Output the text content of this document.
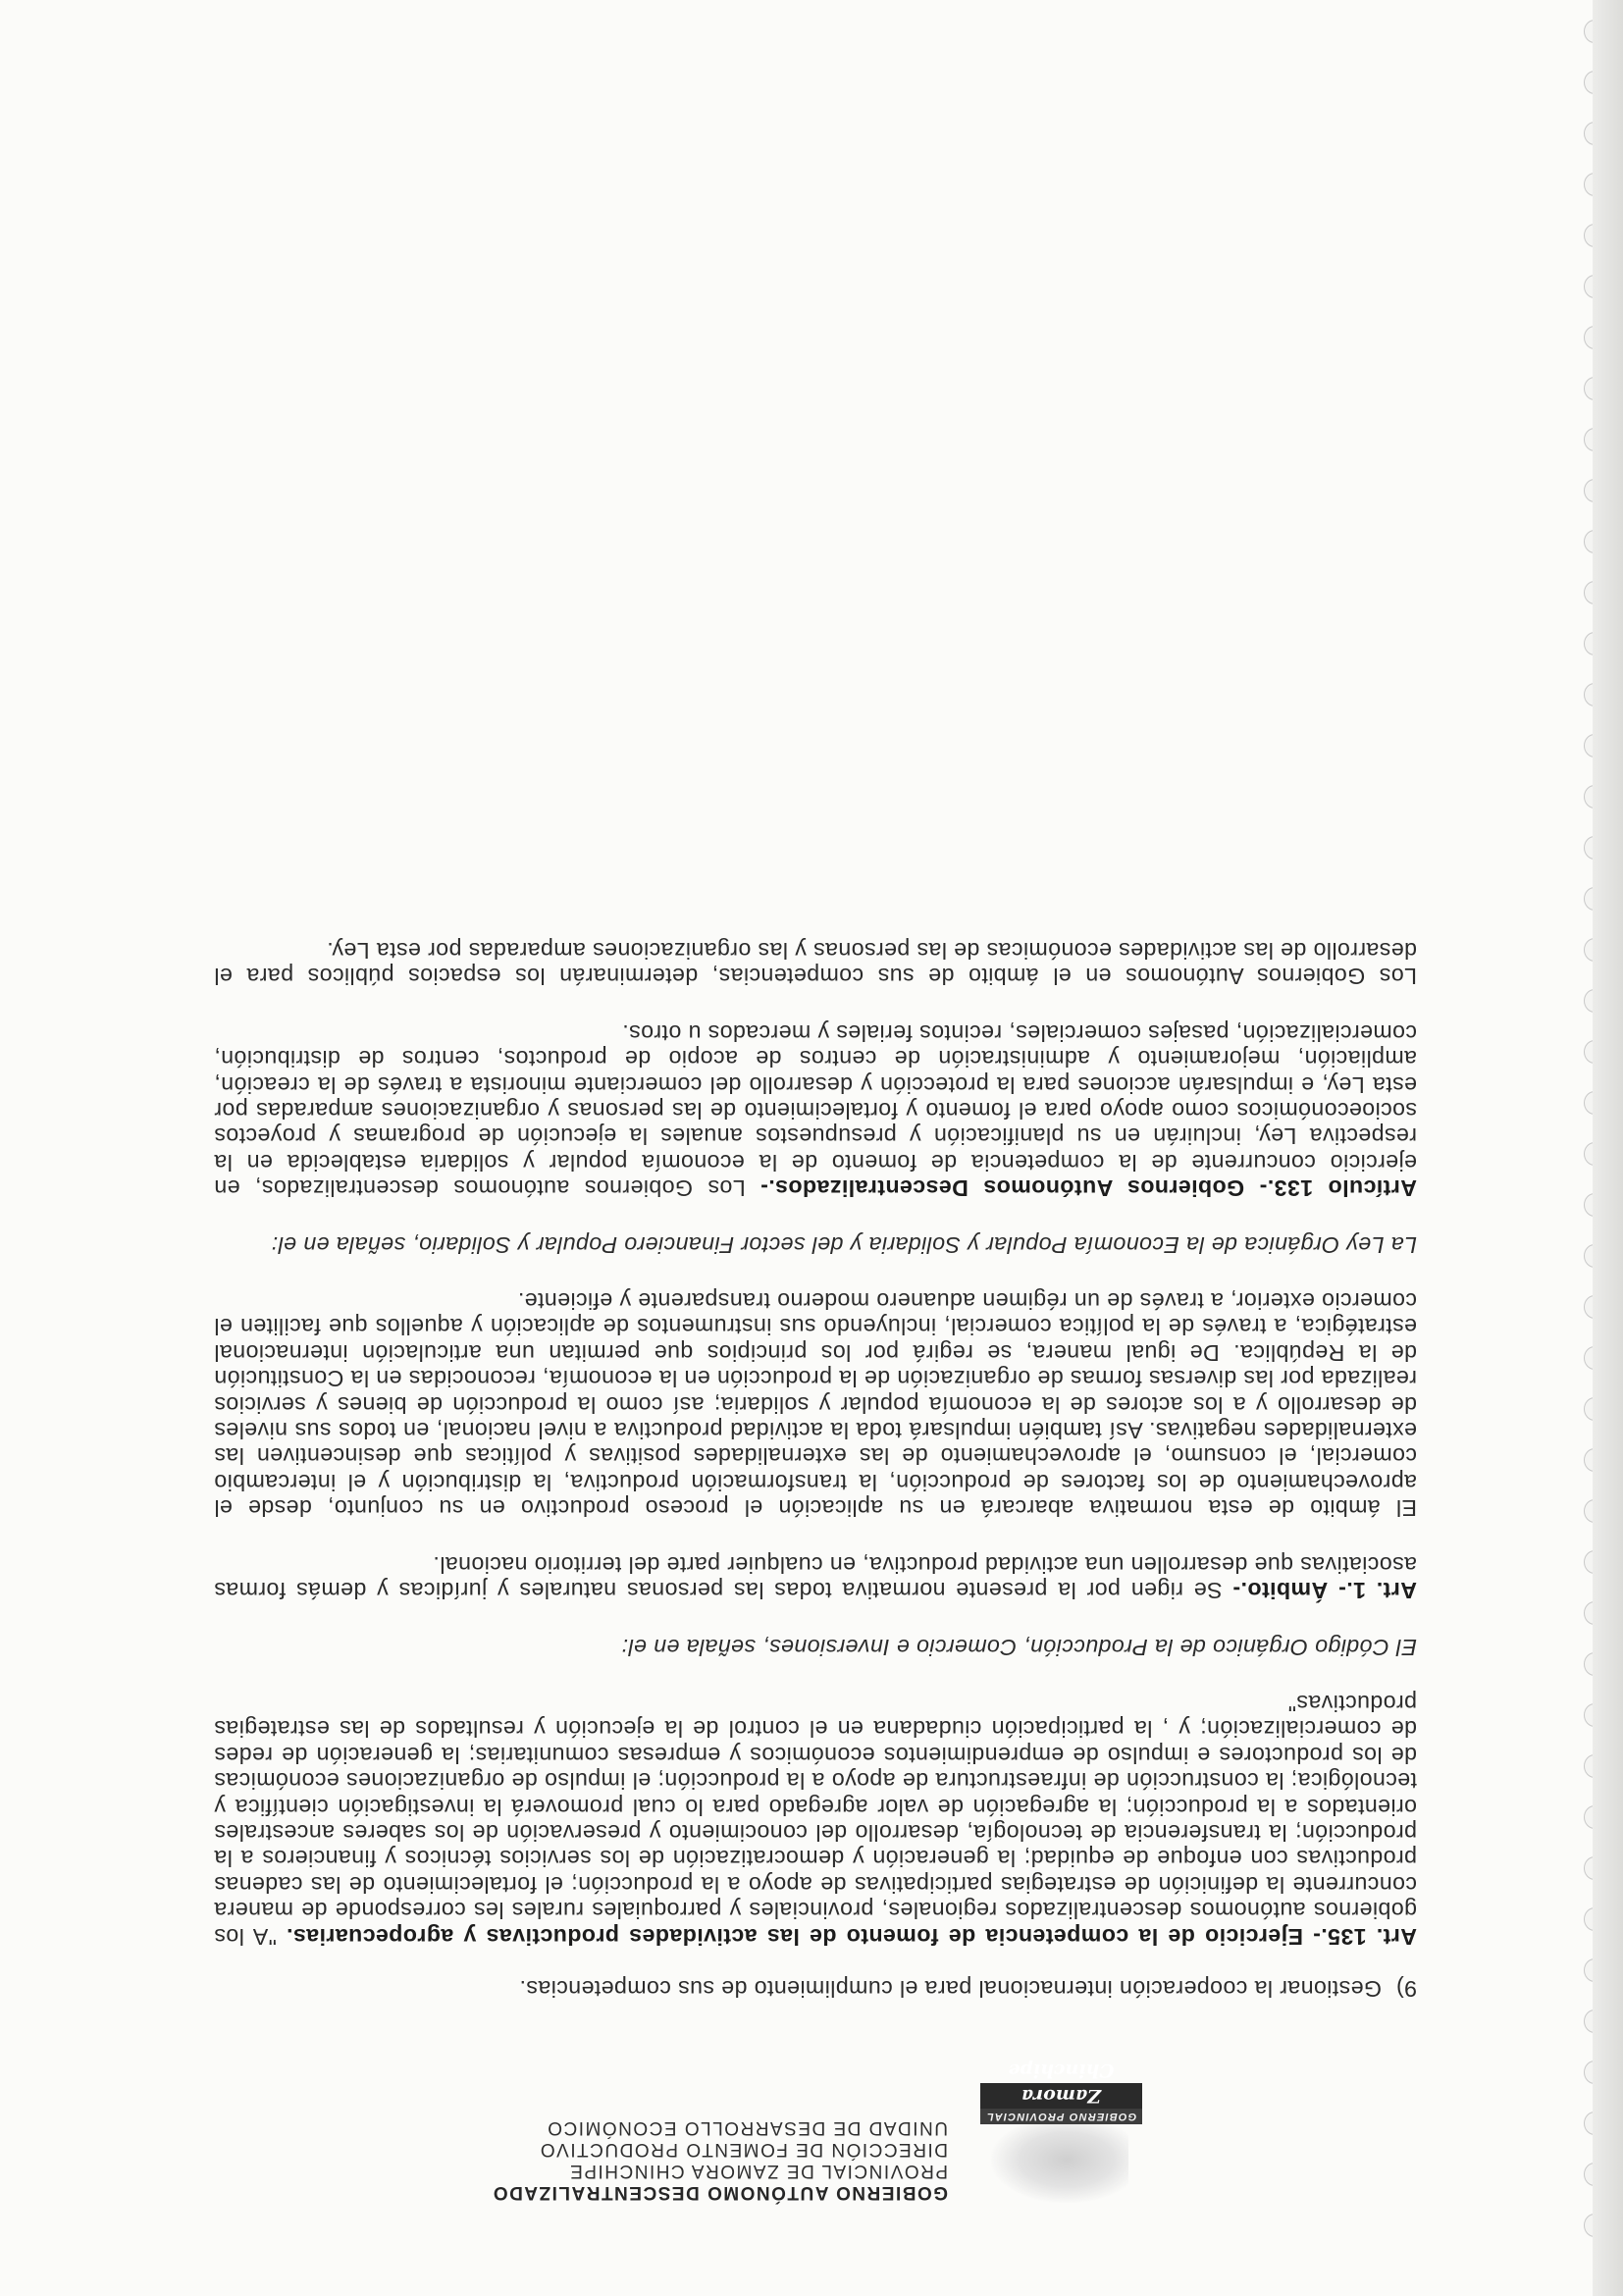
GOBIERNO PROVINCIAL
Zamora Chinchipe
GOBIERNO AUTÓNOMO DESCENTRALIZADO
PROVINCIAL DE ZAMORA CHINCHIPE
DIRECCIÓN DE FOMENTO PRODUCTIVO
UNIDAD DE DESARROLLO ECONÓMICO

9)Gestionar la cooperación internacional para el cumplimiento de sus competencias.

Art. 135.- Ejercicio de la competencia de fomento de las actividades productivas y agropecuarias. "A los gobiernos autónomos descentralizados regionales, provinciales y parroquiales rurales les corresponde de manera concurrente la definición de estrategias participativas de apoyo a la producción; el fortalecimiento de las cadenas productivas con enfoque de equidad; la generación y democratización de los servicios técnicos y financieros a la producción; la transferencia de tecnología, desarrollo del conocimiento y preservación de los saberes ancestrales orientados a la producción; la agregación de valor agregado para lo cual promoverá la investigación científica y tecnológica; la construcción de infraestructura de apoyo a la producción; el impulso de organizaciones económicas de los productores e impulso de emprendimientos económicos y empresas comunitarias; la generación de redes de comercialización; y , la participación ciudadana en el control de la ejecución y resultados de las estrategias productivas"

El Código Orgánico de la Producción, Comercio e Inversiones, señala en el:

Art. 1.- Ámbito.- Se rigen por la presente normativa todas las personas naturales y jurídicas y demás formas asociativas que desarrollen una actividad productiva, en cualquier parte del territorio nacional.

El ámbito de esta normativa abarcará en su aplicación el proceso productivo en su conjunto, desde el aprovechamiento de los factores de producción, la transformación productiva, la distribución y el intercambio comercial, el consumo, el aprovechamiento de las externalidades positivas y políticas que desincentiven las externalidades negativas. Así también impulsará toda la actividad productiva a nivel nacional, en todos sus niveles de desarrollo y a los actores de la economía popular y solidaria; así como la producción de bienes y servicios realizada por las diversas formas de organización de la producción en la economía, reconocidas en la Constitución de la República. De igual manera, se regirá por los principios que permitan una articulación internacional estratégica, a través de la política comercial, incluyendo sus instrumentos de aplicación y aquellos que faciliten el comercio exterior, a través de un régimen aduanero moderno transparente y eficiente.

La Ley Orgánica de la Economía Popular y Solidaria y del sector Financiero Popular y Solidario, señala en el:

Artículo 133.- Gobiernos Autónomos Descentralizados.- Los Gobiernos autónomos descentralizados, en ejercicio concurrente de la competencia de fomento de la economía popular y solidaria establecida en la respectiva Ley, incluirán en su planificación y presupuestos anuales la ejecución de programas y proyectos socioeconómicos como apoyo para el fomento y fortalecimiento de las personas y organizaciones amparadas por esta Ley, e impulsarán acciones para la protección y desarrollo del comerciante minorista a través de la creación, ampliación, mejoramiento y administración de centros de acopio de productos, centros de distribución, comercialización, pasajes comerciales, recintos feriales y mercados u otros.

Los Gobiernos Autónomos en el ámbito de sus competencias, determinarán los espacios públicos para el desarrollo de las actividades económicas de las personas y las organizaciones amparadas por esta Ley.
